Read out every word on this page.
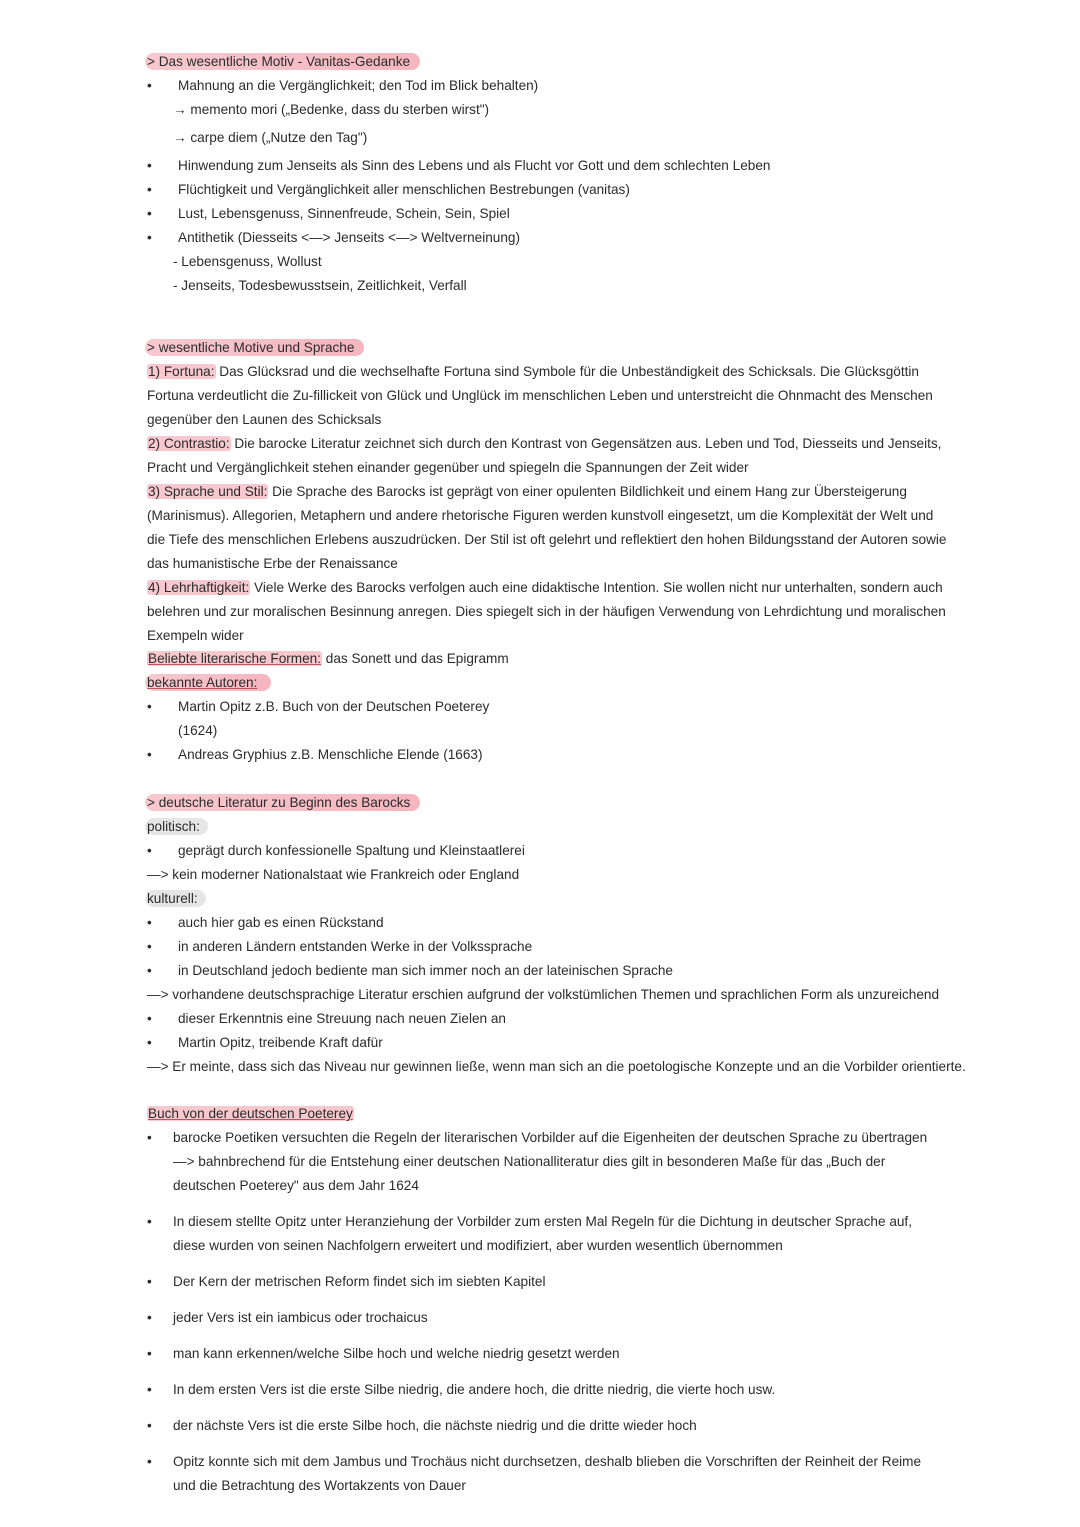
> Das wesentliche Motiv - Vanitas-Gedanke
•	Mahnung an die Vergänglichkeit; den Tod im Blick behalten)
→ memento mori („Bedenke, dass du sterben wirst")
→ carpe diem („Nutze den Tag")
•	Hinwendung zum Jenseits als Sinn des Lebens und als Flucht vor Gott und dem schlechten Leben
•	Flüchtigkeit und Vergänglichkeit aller menschlichen Bestrebungen (vanitas)
•	Lust, Lebensgenuss, Sinnenfreude, Schein, Sein, Spiel
•	Antithetik (Diesseits <—> Jenseits <—> Weltverneinung)
- Lebensgenuss, Wollust
- Jenseits, Todesbewusstsein, Zeitlichkeit, Verfall
> wesentliche Motive und Sprache
1) Fortuna: Das Glücksrad und die wechselhafte Fortuna sind Symbole für die Unbeständigkeit des Schicksals. Die Glücksgöttin Fortuna verdeutlicht die Zu-fillickeit von Glück und Unglück im menschlichen Leben und unterstreicht die Ohnmacht des Menschen gegenüber den Launen des Schicksals
2) Contrastio: Die barocke Literatur zeichnet sich durch den Kontrast von Gegensätzen aus. Leben und Tod, Diesseits und Jenseits, Pracht und Vergänglichkeit stehen einander gegenüber und spiegeln die Spannungen der Zeit wider
3) Sprache und Stil: Die Sprache des Barocks ist geprägt von einer opulenten Bildlichkeit und einem Hang zur Übersteigerung (Marinismus). Allegorien, Metaphern und andere rhetorische Figuren werden kunstvoll eingesetzt, um die Komplexität der Welt und die Tiefe des menschlichen Erlebens auszudrücken. Der Stil ist oft gelehrt und reflektiert den hohen Bildungsstand der Autoren sowie das humanistische Erbe der Renaissance
4) Lehrhaftigkeit: Viele Werke des Barocks verfolgen auch eine didaktische Intention. Sie wollen nicht nur unterhalten, sondern auch belehren und zur moralischen Besinnung anregen. Dies spiegelt sich in der häufigen Verwendung von Lehrdichtung und moralischen Exempeln wider
Beliebte literarische Formen: das Sonett und das Epigramm
bekannte Autoren:
•	Martin Opitz z.B. Buch von der Deutschen Poeterey
(1624)
•	Andreas Gryphius z.B. Menschliche Elende (1663)
> deutsche Literatur zu Beginn des Barocks
politisch:
•	geprägt durch konfessionelle Spaltung und Kleinstaatlerei
—> kein moderner Nationalstaat wie Frankreich oder England
kulturell:
•	auch hier gab es einen Rückstand
•	in anderen Ländern entstanden Werke in der Volkssprache
•	in Deutschland jedoch bediente man sich immer noch an der lateinischen Sprache
—> vorhandene deutschsprachige Literatur erschien aufgrund der volkstümlichen Themen und sprachlichen Form als unzureichend
•	dieser Erkenntnis eine Streuung nach neuen Zielen an
•	Martin Opitz, treibende Kraft dafür
—> Er meinte, dass sich das Niveau nur gewinnen ließe, wenn man sich an die poetologische Konzepte und an die Vorbilder orientierte.
Buch von der deutschen Poeterey
•	barocke Poetiken versuchten die Regeln der literarischen Vorbilder auf die Eigenheiten der deutschen Sprache zu übertragen
—> bahnbrechend für die Entstehung einer deutschen Nationalliteratur dies gilt in besonderen Maße für das „Buch der deutschen Poeterey" aus dem Jahr 1624
•	In diesem stellte Opitz unter Heranziehung der Vorbilder zum ersten Mal Regeln für die Dichtung in deutscher Sprache auf, diese wurden von seinen Nachfolgern erweitert und modifiziert, aber wurden wesentlich übernommen
•	Der Kern der metrischen Reform findet sich im siebten Kapitel
•	jeder Vers ist ein iambicus oder trochaicus
•	man kann erkennen/welche Silbe hoch und welche niedrig gesetzt werden
•	In dem ersten Vers ist die erste Silbe niedrig, die andere hoch, die dritte niedrig, die vierte hoch usw.
•	der nächste Vers ist die erste Silbe hoch, die nächste niedrig und die dritte wieder hoch
•	Opitz konnte sich mit dem Jambus und Trochäus nicht durchsetzen, deshalb blieben die Vorschriften der Reinheit der Reime und die Betrachtung des Wortakzents von Dauer
